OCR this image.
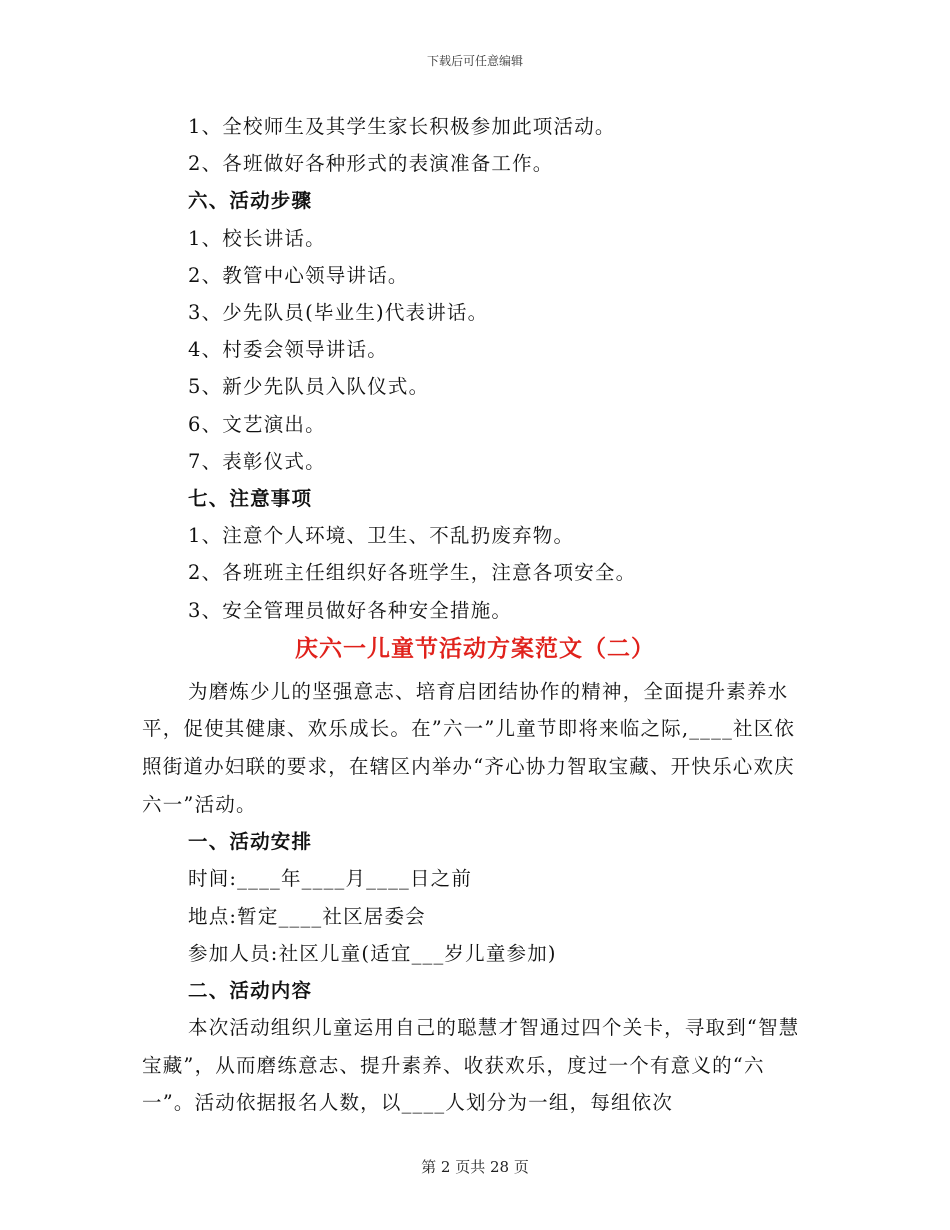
下载后可任意编辑
1、全校师生及其学生家长积极参加此项活动。
2、各班做好各种形式的表演准备工作。
六、活动步骤
1、校长讲话。
2、教管中心领导讲话。
3、少先队员(毕业生)代表讲话。
4、村委会领导讲话。
5、新少先队员入队仪式。
6、文艺演出。
7、表彰仪式。
七、注意事项
1、注意个人环境、卫生、不乱扔废弃物。
2、各班班主任组织好各班学生，注意各项安全。
3、安全管理员做好各种安全措施。
庆六一儿童节活动方案范文（二）

为磨炼少儿的坚强意志、培育启团结协作的精神，全面提升素养水平，促使其健康、欢乐成长。在”六一”儿童节即将来临之际,____社区依照街道办妇联的要求，在辖区内举办“齐心协力智取宝藏、开快乐心欢庆六一”活动。

一、活动安排
时间:____年____月____日之前
地点:暂定____社区居委会
参加人员:社区儿童(适宜___岁儿童参加)
二、活动内容

本次活动组织儿童运用自己的聪慧才智通过四个关卡，寻取到“智慧宝藏”，从而磨练意志、提升素养、收获欢乐，度过一个有意义的“六一”。活动依据报名人数，以____人划分为一组，每组依次

第 2 页共 28 页
